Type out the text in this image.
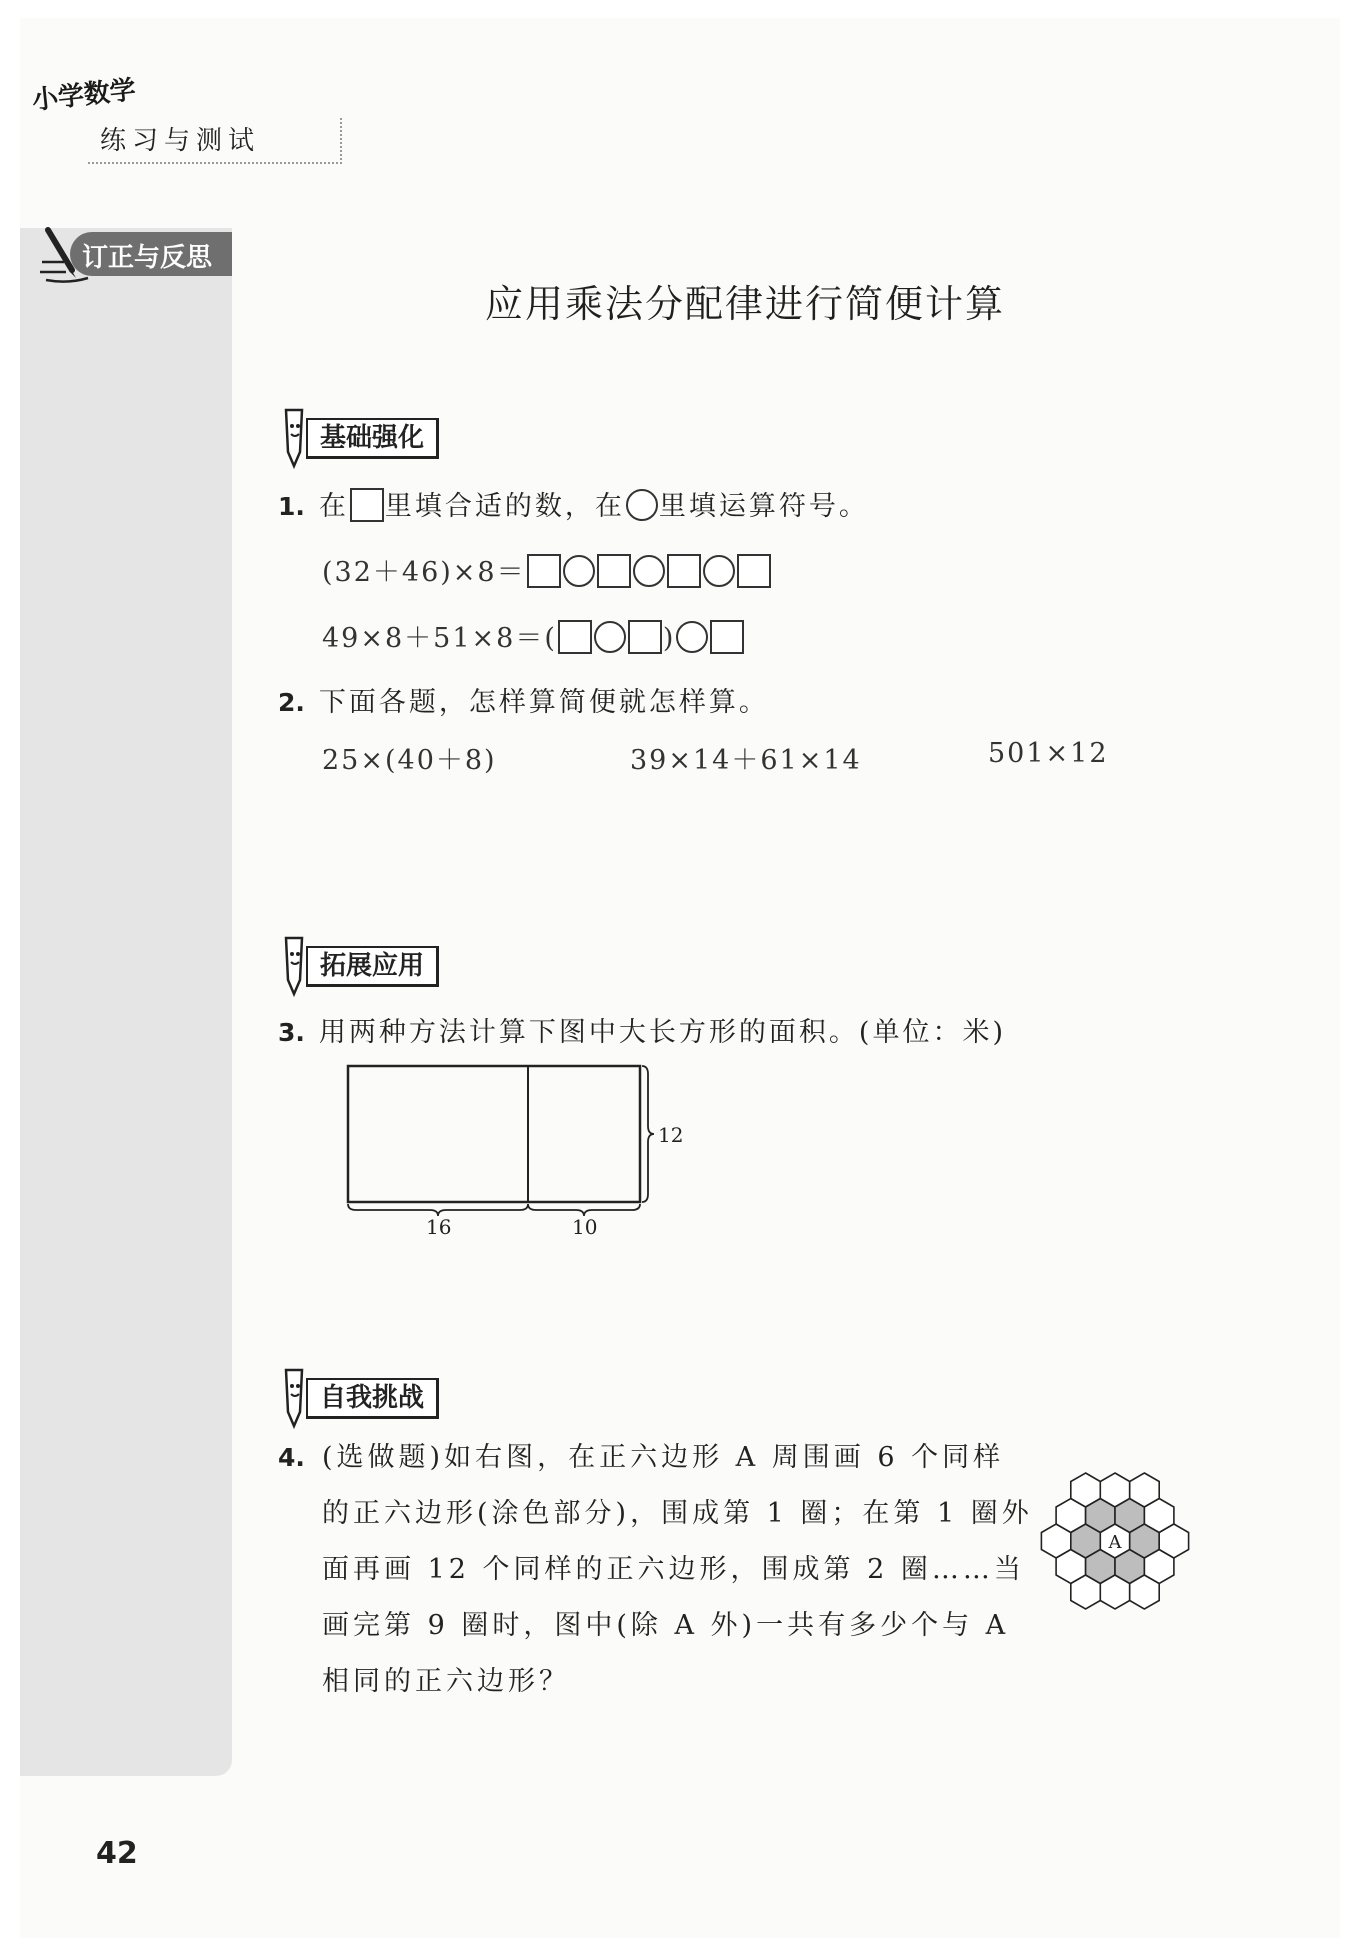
小学数学
练习与测试
订正与反思
应用乘法分配律进行简便计算
基础强化
1. 在 里填合适的数，在 里填运算符号。
(32＋46)×8＝
49×8＋51×8＝(	)
2. 下面各题，怎样算简便就怎样算。
25×(40＋8)	39×14＋61×14	501×12
拓展应用
3. 用两种方法计算下图中大长方形的面积。(单位：米)
12
16	10
自我挑战
4. (选做题)如右图，在正六边形 A 周围画 6 个同样
的正六边形(涂色部分)，围成第 1 圈；在第 1 圈外
面再画 12 个同样的正六边形，围成第 2 圈……当
画完第 9 圈时，图中(除 A 外)一共有多少个与 A
相同的正六边形？
A
42
